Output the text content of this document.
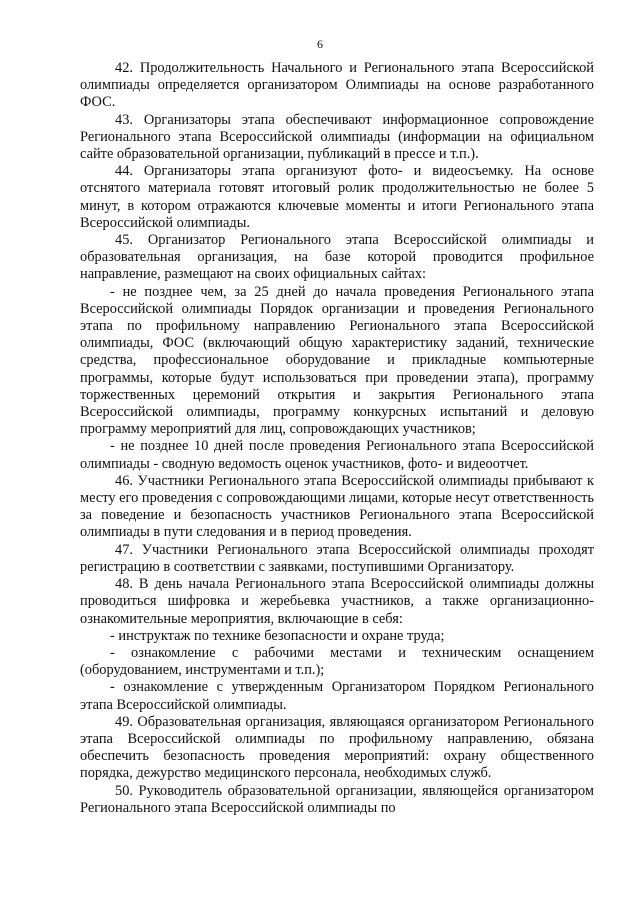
6

42. Продолжительность Начального и Регионального этапа Всероссийской олимпиады определяется организатором Олимпиады на основе разработанного ФОС.

43. Организаторы этапа обеспечивают информационное сопровождение Регионального этапа Всероссийской олимпиады (информации на официальном сайте образовательной организации, публикаций в прессе и т.п.).

44. Организаторы этапа организуют фото- и видеосъемку. На основе отснятого материала готовят итоговый ролик продолжительностью не более 5 минут, в котором отражаются ключевые моменты и итоги Регионального этапа Всероссийской олимпиады.

45. Организатор Регионального этапа Всероссийской олимпиады и образовательная организация, на базе которой проводится профильное направление, размещают на своих официальных сайтах:

- не позднее чем, за 25 дней до начала проведения Регионального этапа Всероссийской олимпиады Порядок организации и проведения Регионального этапа по профильному направлению Регионального этапа Всероссийской олимпиады, ФОС (включающий общую характеристику заданий, технические средства, профессиональное оборудование и прикладные компьютерные программы, которые будут использоваться при проведении этапа), программу торжественных церемоний открытия и закрытия Регионального этапа Всероссийской олимпиады, программу конкурсных испытаний и деловую программу мероприятий для лиц, сопровождающих участников;

- не позднее 10 дней после проведения Регионального этапа Всероссийской олимпиады - сводную ведомость оценок участников, фото- и видеоотчет.

46. Участники Регионального этапа Всероссийской олимпиады прибывают к месту его проведения с сопровождающими лицами, которые несут ответственность за поведение и безопасность участников Регионального этапа Всероссийской олимпиады в пути следования и в период проведения.

47. Участники Регионального этапа Всероссийской олимпиады проходят регистрацию в соответствии с заявками, поступившими Организатору.

48. В день начала Регионального этапа Всероссийской олимпиады должны проводиться шифровка и жеребьевка участников, а также организационно-ознакомительные мероприятия, включающие в себя:

- инструктаж по технике безопасности и охране труда;

- ознакомление с рабочими местами и техническим оснащением (оборудованием, инструментами и т.п.);

- ознакомление с утвержденным Организатором Порядком Регионального этапа Всероссийской олимпиады.

49. Образовательная организация, являющаяся организатором Регионального этапа Всероссийской олимпиады по профильному направлению, обязана обеспечить безопасность проведения мероприятий: охрану общественного порядка, дежурство медицинского персонала, необходимых служб.

50. Руководитель образовательной организации, являющейся организатором Регионального этапа Всероссийской олимпиады по
